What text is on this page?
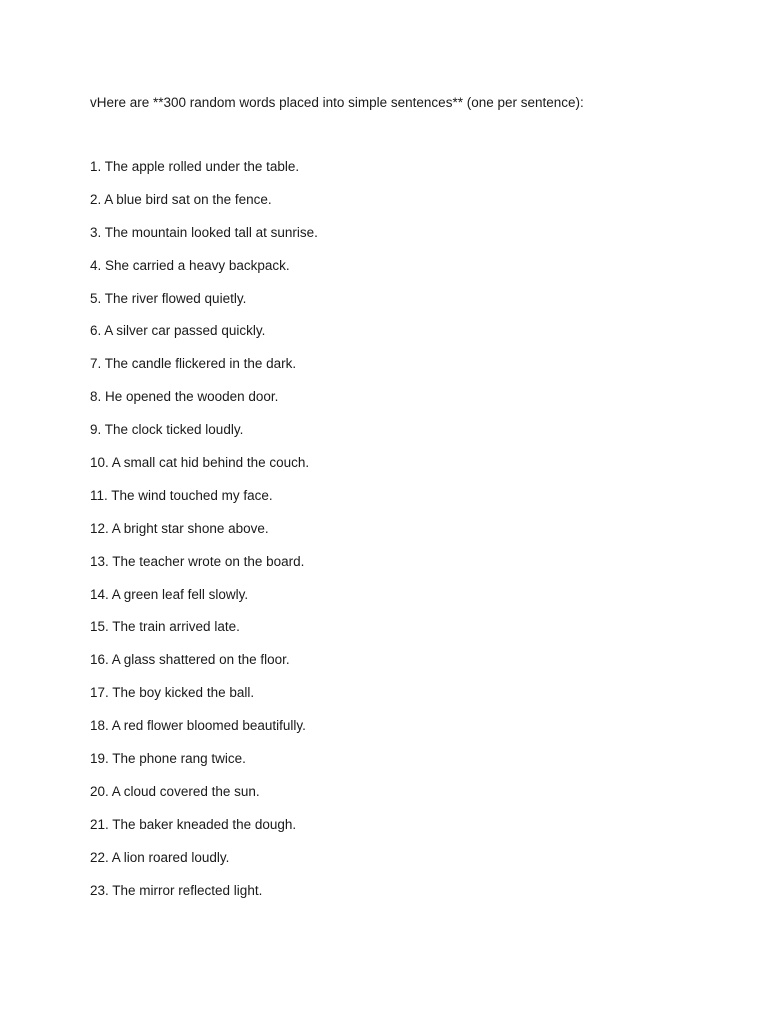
vHere are **300 random words placed into simple sentences** (one per sentence):
1. The apple rolled under the table.
2. A blue bird sat on the fence.
3. The mountain looked tall at sunrise.
4. She carried a heavy backpack.
5. The river flowed quietly.
6. A silver car passed quickly.
7. The candle flickered in the dark.
8. He opened the wooden door.
9. The clock ticked loudly.
10. A small cat hid behind the couch.
11. The wind touched my face.
12. A bright star shone above.
13. The teacher wrote on the board.
14. A green leaf fell slowly.
15. The train arrived late.
16. A glass shattered on the floor.
17. The boy kicked the ball.
18. A red flower bloomed beautifully.
19. The phone rang twice.
20. A cloud covered the sun.
21. The baker kneaded the dough.
22. A lion roared loudly.
23. The mirror reflected light.
